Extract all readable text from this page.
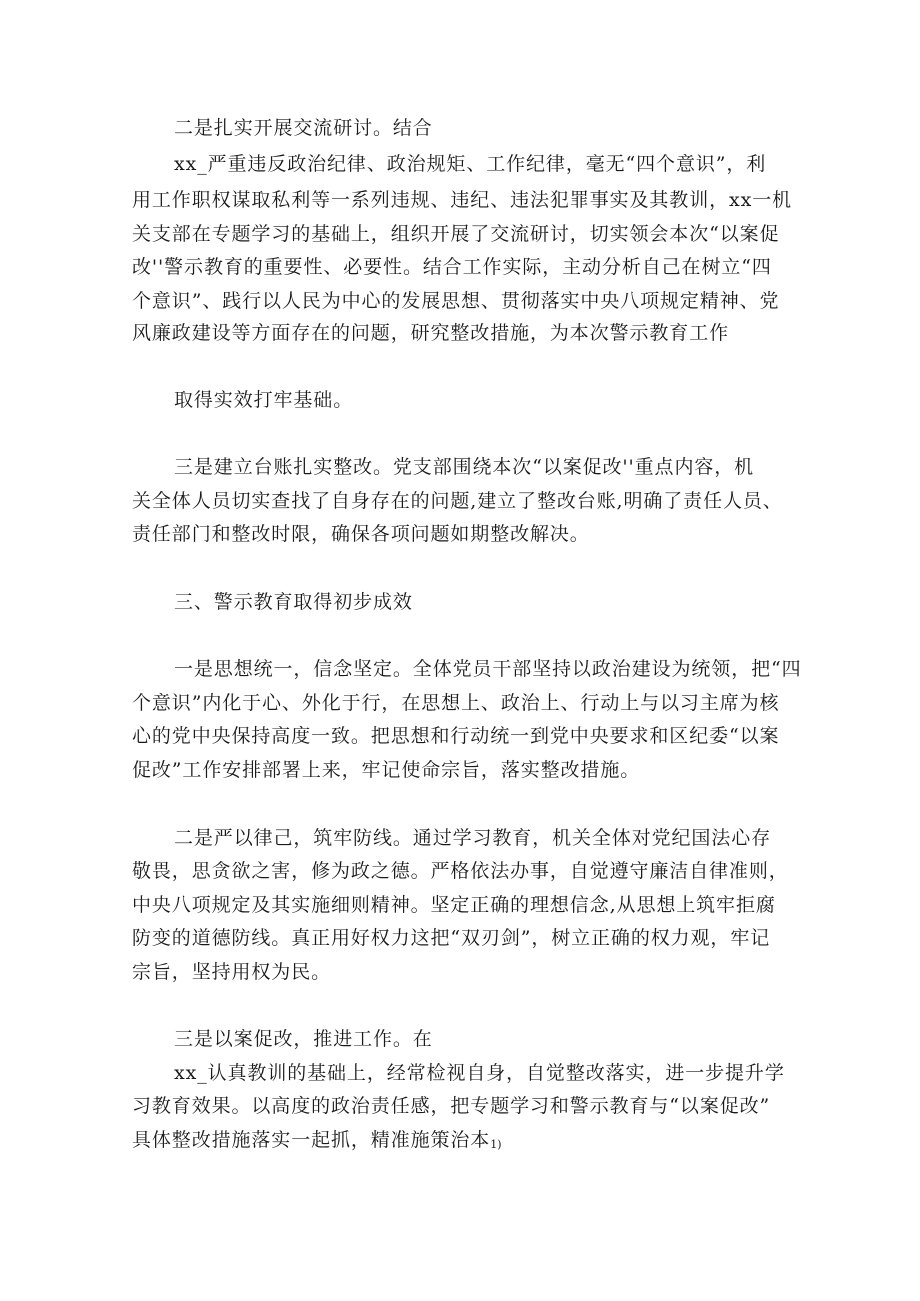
二是扎实开展交流研讨。结合
xx_严重违反政治纪律、政治规矩、工作纪律，毫无“四个意识”，利
用工作职权谋取私利等一系列违规、违纪、违法犯罪事实及其教训，xx一机
关支部在专题学习的基础上，组织开展了交流研讨，切实领会本次“以案促
改''警示教育的重要性、必要性。结合工作实际，主动分析自己在树立“四
个意识”、践行以人民为中心的发展思想、贯彻落实中央八项规定精神、党
风廉政建设等方面存在的问题，研究整改措施，为本次警示教育工作
取得实效打牢基础。
三是建立台账扎实整改。党支部围绕本次“以案促改''重点内容，机
关全体人员切实查找了自身存在的问题,建立了整改台账,明确了责任人员、
责任部门和整改时限，确保各项问题如期整改解决。
三、警示教育取得初步成效
一是思想统一，信念坚定。全体党员干部坚持以政治建设为统领，把“四
个意识”内化于心、外化于行，在思想上、政治上、行动上与以习主席为核
心的党中央保持高度一致。把思想和行动统一到党中央要求和区纪委“以案
促改”工作安排部署上来，牢记使命宗旨，落实整改措施。
二是严以律己，筑牢防线。通过学习教育，机关全体对党纪国法心存
敬畏，思贪欲之害，修为政之德。严格依法办事，自觉遵守廉洁自律准则，
中央八项规定及其实施细则精神。坚定正确的理想信念,从思想上筑牢拒腐
防变的道德防线。真正用好权力这把“双刃剑”，树立正确的权力观，牢记
宗旨，坚持用权为民。
三是以案促改，推进工作。在
xx_认真教训的基础上，经常检视自身，自觉整改落实，进一步提升学
习教育效果。以高度的政治责任感，把专题学习和警示教育与“以案促改”
具体整改措施落实一起抓，精准施策治本1)
